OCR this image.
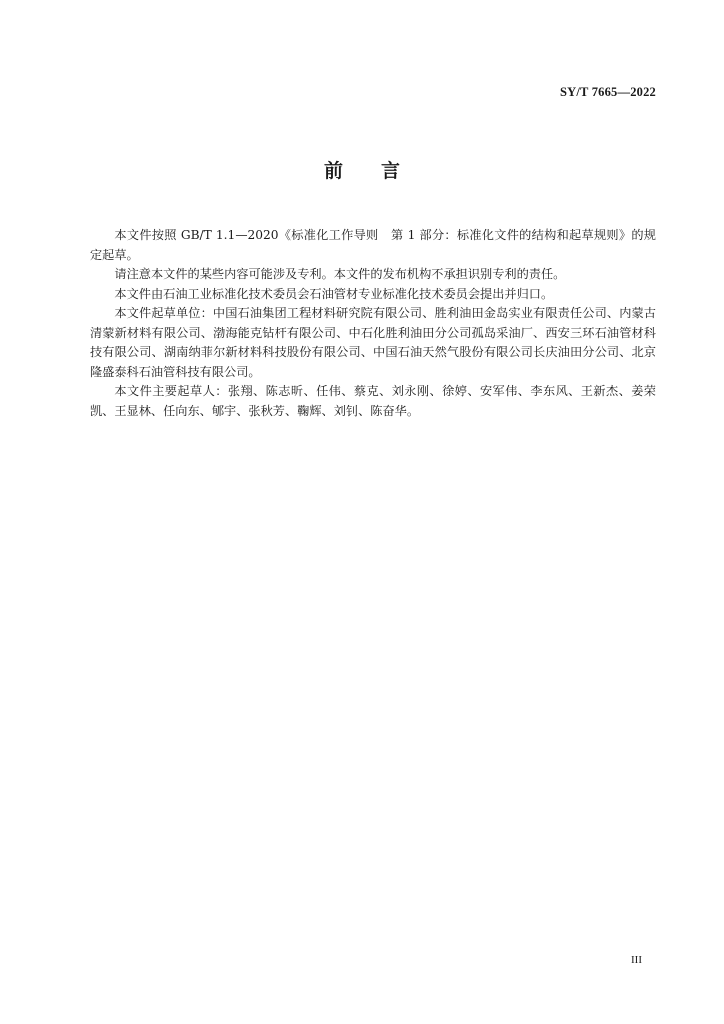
SY/T 7665—2022
前 言

本文件按照 GB/T 1.1—2020《标准化工作导则　第 1 部分：标准化文件的结构和起草规则》的规定起草。

请注意本文件的某些内容可能涉及专利。本文件的发布机构不承担识别专利的责任。

本文件由石油工业标准化技术委员会石油管材专业标准化技术委员会提出并归口。

本文件起草单位：中国石油集团工程材料研究院有限公司、胜利油田金岛实业有限责任公司、内蒙古清蒙新材料有限公司、渤海能克钻杆有限公司、中石化胜利油田分公司孤岛采油厂、西安三环石油管材科技有限公司、湖南纳菲尔新材料科技股份有限公司、中国石油天然气股份有限公司长庆油田分公司、北京隆盛泰科石油管科技有限公司。

本文件主要起草人：张翔、陈志昕、任伟、蔡克、刘永刚、徐婷、安军伟、李东风、王新杰、姜荣凯、王显林、任向东、郇宇、张秋芳、鞠辉、刘钊、陈奋华。

III
